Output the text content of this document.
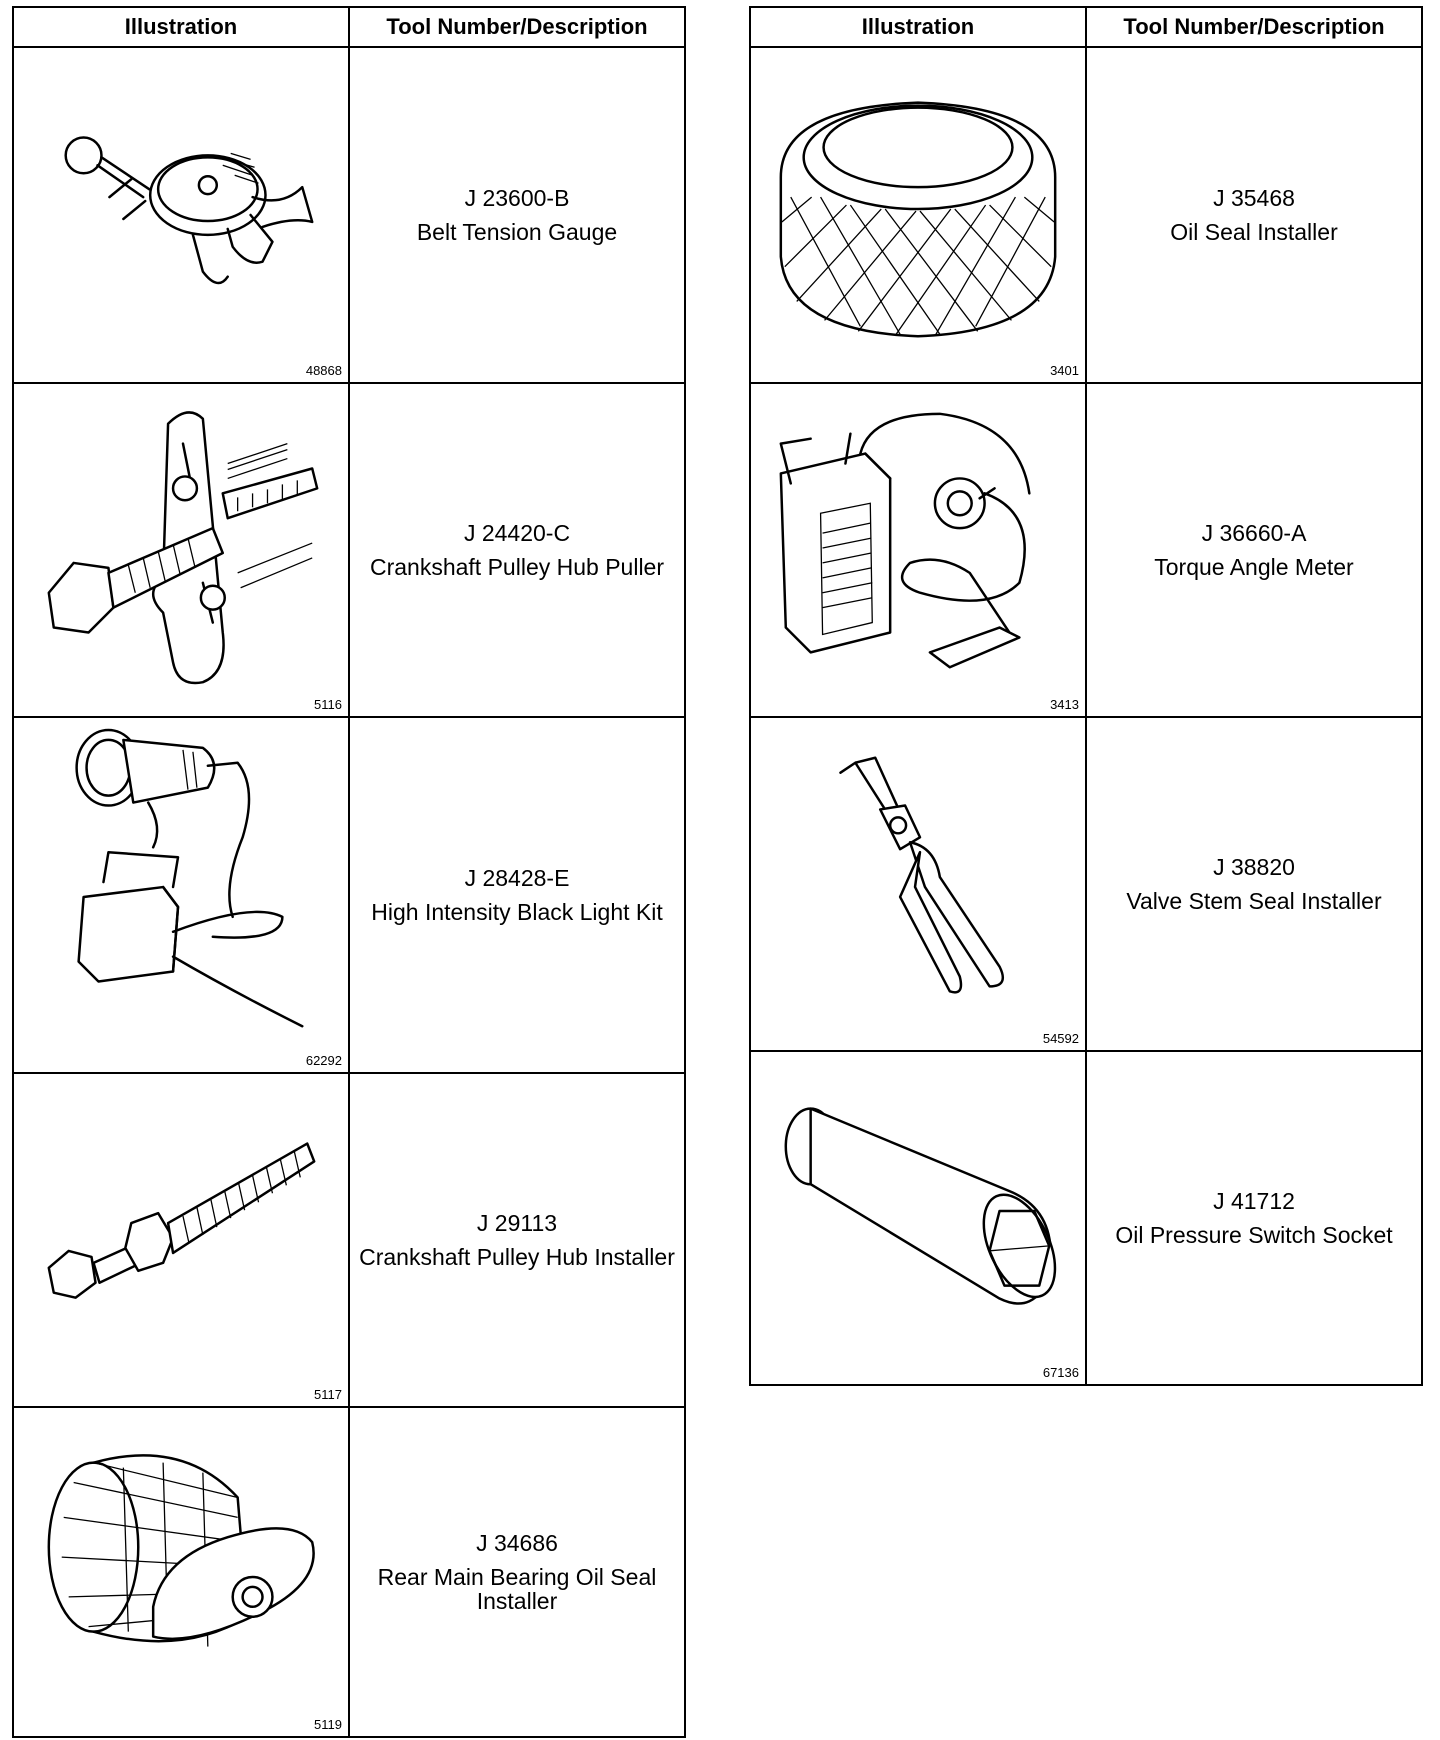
Illustration	Tool Number/Description

48868	J 23600-B
Belt Tension Gauge

5116	J 24420-C
Crankshaft Pulley Hub Puller

62292	J 28428-E
High Intensity Black Light Kit

5117	J 29113
Crankshaft Pulley Hub Installer

5119	J 34686
Rear Main Bearing Oil Seal Installer
Illustration	Tool Number/Description

3401	J 35468
Oil Seal Installer

3413	J 36660-A
Torque Angle Meter

54592	J 38820
Valve Stem Seal Installer

67136	J 41712
Oil Pressure Switch Socket
